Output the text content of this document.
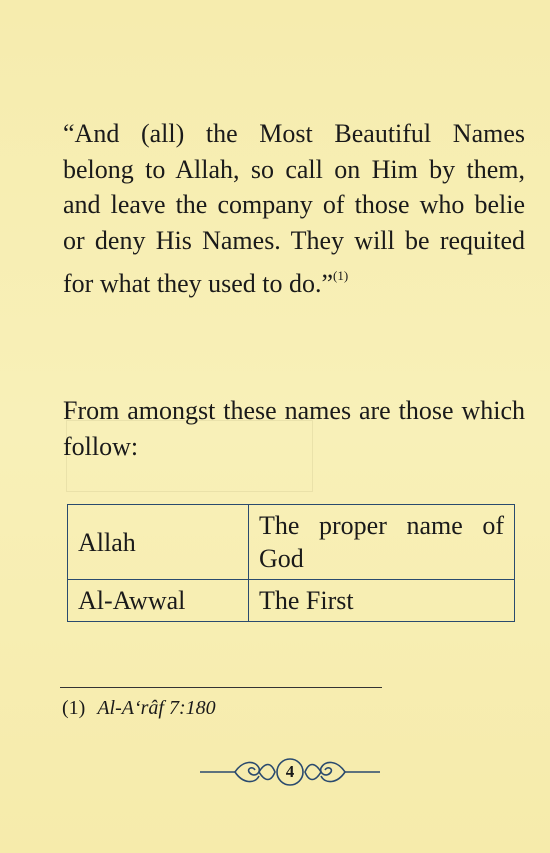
“And (all) the Most Beautiful Names belong to Allah, so call on Him by them, and leave the company of those who belie or deny His Names. They will be requited for what they used to do.”$^{(1)}$

From amongst these names are those which follow:

Allah	The proper name of God
Al-Awwal	The First
(1) Al-A‘râf 7:180
4
